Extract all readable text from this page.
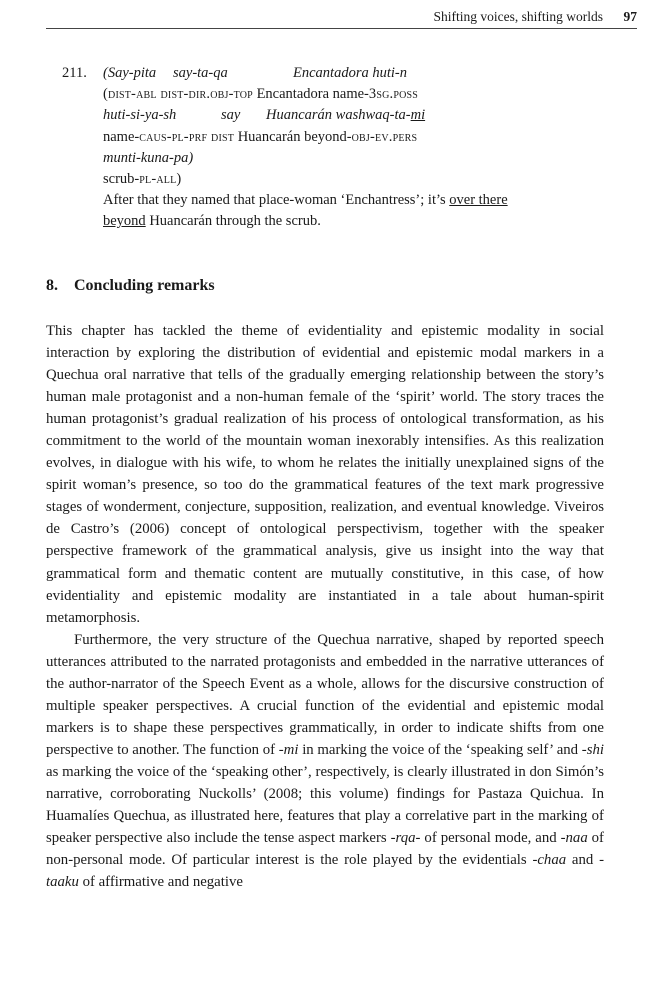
Shifting voices, shifting worlds 97
211. (Say-pita say-ta-qa	Encantadora huti-n
(dist-abl dist-dir.obj-top Encantadora name-3sg.poss
huti-si-ya-sh	say Huancarán washwaq-ta-mi
name-caus-pl-prf dist Huancarán beyond-obj-ev.pers
munti-kuna-pa)
scrub-pl-all)
After that they named that place-woman ‘Enchantress’; it’s over there
beyond Huancarán through the scrub.
8. Concluding remarks

This chapter has tackled the theme of evidentiality and epistemic modality in social interaction by exploring the distribution of evidential and epistemic modal markers in a Quechua oral narrative that tells of the gradually emerging relationship between the story’s human male protagonist and a non-human female of the ‘spirit’ world. The story traces the human protagonist’s gradual realization of his process of ontological transformation, as his commitment to the world of the mountain woman inexorably intensifies. As this realization evolves, in dialogue with his wife, to whom he relates the initially unexplained signs of the spirit woman’s presence, so too do the grammatical features of the text mark progressive stages of wonderment, conjecture, supposition, realization, and eventual knowledge. Viveiros de Castro’s (2006) concept of ontological perspectivism, together with the speaker perspective framework of the grammatical analysis, give us insight into the way that grammatical form and thematic content are mutually constitutive, in this case, of how evidentiality and epistemic modality are instantiated in a tale about human-spirit metamorphosis.

Furthermore, the very structure of the Quechua narrative, shaped by reported speech utterances attributed to the narrated protagonists and embedded in the narrative utterances of the author-narrator of the Speech Event as a whole, allows for the discursive construction of multiple speaker perspectives. A crucial function of the evidential and epistemic modal markers is to shape these perspectives grammatically, in order to indicate shifts from one perspective to another. The function of -mi in marking the voice of the ‘speaking self’ and -shi as marking the voice of the ‘speaking other’, respectively, is clearly illustrated in don Simón’s narrative, corroborating Nuckolls’ (2008; this volume) findings for Pastaza Quichua. In Huamalíes Quechua, as illustrated here, features that play a correlative part in the marking of speaker perspective also include the tense aspect markers -rqa- of personal mode, and -naa of non-personal mode. Of particular interest is the role played by the evidentials -chaa and -taaku of affirmative and negative
